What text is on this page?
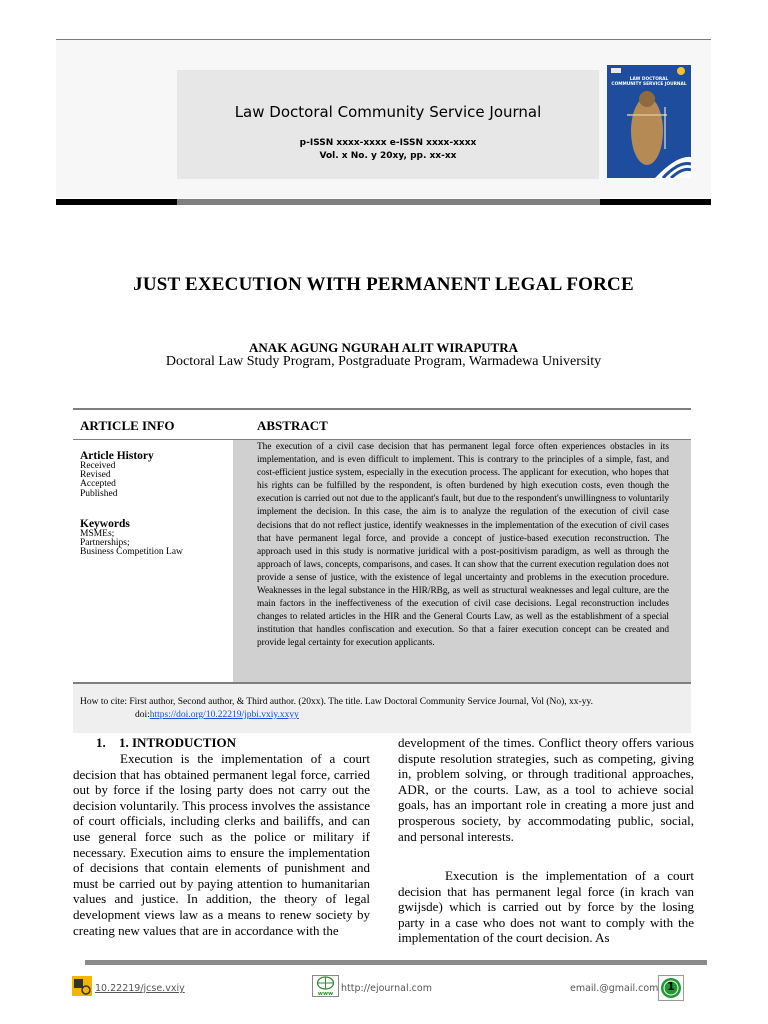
Law Doctoral Community Service Journal
p-ISSN xxxx-xxxx e-ISSN xxxx-xxxx
Vol. x No. y 20xy, pp. xx-xx
LAW DOCTORAL
COMMUNITY SERVICE JOURNAL
JUST EXECUTION WITH PERMANENT LEGAL FORCE
ANAK AGUNG NGURAH ALIT WIRAPUTRA
Doctoral Law Study Program, Postgraduate Program, Warmadewa University
ARTICLE INFO	ABSTRACT
The execution of a civil case decision that has permanent legal force often experiences obstacles in its implementation, and is even difficult to implement. This is contrary to the principles of a simple, fast, and cost-efficient justice system, especially in the execution process. The applicant for execution, who hopes that his rights can be fulfilled by the respondent, is often burdened by high execution costs, even though the execution is carried out not due to the applicant's fault, but due to the respondent's unwillingness to voluntarily implement the decision. In this case, the aim is to analyze the regulation of the execution of civil case decisions that do not reflect justice, identify weaknesses in the implementation of the execution of civil cases that have permanent legal force, and provide a concept of justice-based execution reconstruction. The approach used in this study is normative juridical with a post-positivism paradigm, as well as through the approach of laws, concepts, comparisons, and cases. It can show that the current execution regulation does not provide a sense of justice, with the existence of legal uncertainty and problems in the execution procedure. Weaknesses in the legal substance in the HIR/RBg, as well as structural weaknesses and legal culture, are the main factors in the ineffectiveness of the execution of civil case decisions. Legal reconstruction includes changes to related articles in the HIR and the General Courts Law, as well as the establishment of a special institution that handles confiscation and execution. So that a fairer execution concept can be created and provide legal certainty for execution applicants.
Article History
Received
Revised
Accepted
Published
Keywords
MSMEs;
Partnerships;
Business Competition Law
How to cite: First author, Second author, & Third author. (20xx). The title. Law Doctoral Community Service Journal, Vol (No), xx-yy.
doi:https://doi.org/10.22219/jpbi.vxiy.xxyy
1. 1. INTRODUCTION
Execution is the implementation of a court decision that has obtained permanent legal force, carried out by force if the losing party does not carry out the decision voluntarily. This process involves the assistance of court officials, including clerks and bailiffs, and can use general force such as the police or military if necessary. Execution aims to ensure the implementation of decisions that contain elements of punishment and must be carried out by paying attention to humanitarian values and justice. In addition, the theory of legal development views law as a means to renew society by creating new values that are in accordance with the
development of the times. Conflict theory offers various dispute resolution strategies, such as competing, giving in, problem solving, or through traditional approaches, ADR, or the courts. Law, as a tool to achieve social goals, has an important role in creating a more just and prosperous society, by accommodating public, social, and personal interests.
Execution is the implementation of a court decision that has permanent legal force (in krach van gwijsde) which is carried out by force by the losing party in a case who does not want to comply with the implementation of the court decision. As
10.22219/jcse.vxiy	www http://ejournal.com	email.@gmail.com 1
